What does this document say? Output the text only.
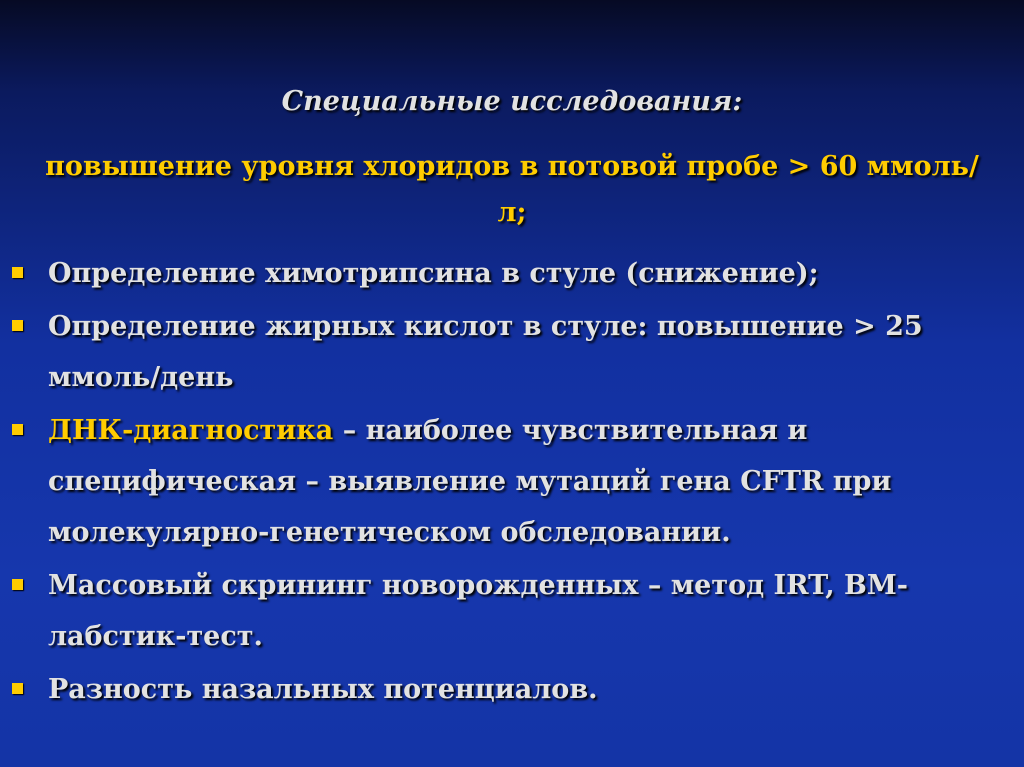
Специальные исследования:
повышение уровня хлоридов в потовой пробе > 60 ммоль/л;
Определение химотрипсина в стуле (снижение);
Определение жирных кислот в стуле: повышение > 25 ммоль/день
ДНК-диагностика – наиболее чувствительная и специфическая – выявление мутаций гена CFTR при молекулярно-генетическом обследовании.
Массовый скрининг новорожденных – метод IRT, BM-лабстик-тест.
Разность назальных потенциалов.
